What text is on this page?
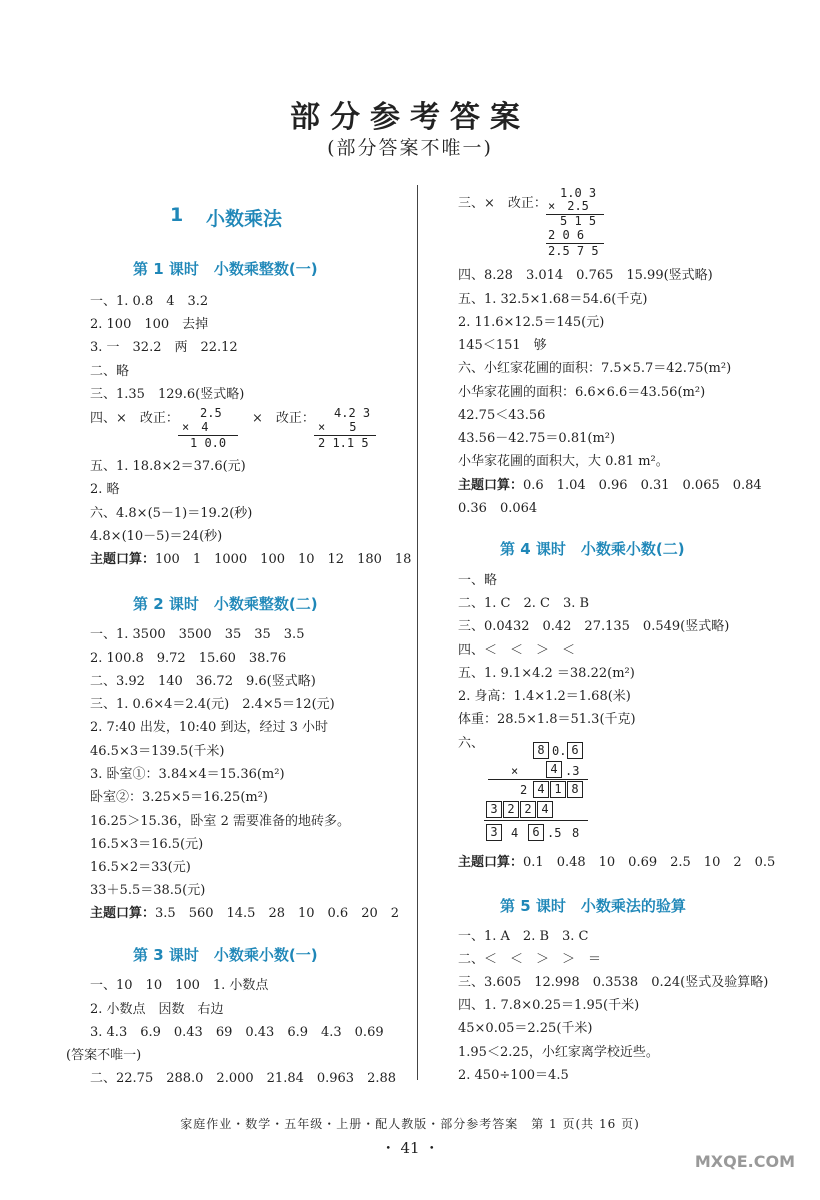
部分参考答案
(部分答案不唯一)
1 小数乘法
第 1 课时　小数乘整数(一)
一、1. 0.8　4　3.2
2. 100　100　去掉
3. 一　32.2　两　22.12
二、略
三、1.35　129.6(竖式略)
四、×　改正： 2.5
×　4
1 0.0
×　改正： 4.2 3
×　　5
2 1.1 5
五、1. 18.8×2＝37.6(元)
2. 略
六、4.8×(5－1)＝19.2(秒)
4.8×(10－5)＝24(秒)
主题口算：100　1　1000　100　10　12　180　18
第 2 课时　小数乘整数(二)
一、1. 3500　3500　35　35　3.5
2. 100.8　9.72　15.60　38.76
二、3.92　140　36.72　9.6(竖式略)
三、1. 0.6×4＝2.4(元)　2.4×5＝12(元)
2. 7:40 出发，10:40 到达，经过 3 小时
46.5×3＝139.5(千米)
3. 卧室①：3.84×4＝15.36(m²)
卧室②：3.25×5＝16.25(m²)
16.25＞15.36，卧室 2 需要准备的地砖多。
16.5×3＝16.5(元)
16.5×2＝33(元)
33＋5.5＝38.5(元)
主题口算：3.5　560　14.5　28　10　0.6　20　2
第 3 课时　小数乘小数(一)
一、10　10　100　1. 小数点
2. 小数点　因数　右边
3. 4.3　6.9　0.43　69　0.43　6.9　4.3　0.69
(答案不唯一)
二、22.75　288.0　2.000　21.84　0.963　2.88
三、×　改正：
1.0 3
×　2.5
5 1 5
2 0 6
2.5 7 5
四、8.28　3.014　0.765　15.99(竖式略)
五、1. 32.5×1.68＝54.6(千克)
2. 11.6×12.5＝145(元)
145＜151　够
六、小红家花圃的面积：7.5×5.7＝42.75(m²)
小华家花圃的面积：6.6×6.6＝43.56(m²)
42.75＜43.56
43.56－42.75＝0.81(m²)
小华家花圃的面积大，大 0.81 m²。
主题口算：0.6　1.04　0.96　0.31　0.065　0.84
0.36　0.064
第 4 课时　小数乘小数(二)
一、略
二、1. C　2. C　3. B
三、0.0432　0.42　27.135　0.549(竖式略)
四、＜　＜　＞　＜
五、1. 9.1×4.2 ＝38.22(m²)
2. 身高：1.4×1.2＝1.68(米)
体重：28.5×1.8＝51.3(千克)
六、	8 0. 6
×	4 .3
2 4 1 8
3 2 2 4
3	4	6 .5 8
主题口算：0.1　0.48　10　0.69　2.5　10　2　0.5
第 5 课时　小数乘法的验算
一、1. A　2. B　3. C
二、＜　＜　＞　＞　＝
三、3.605　12.998　0.3538　0.24(竖式及验算略)
四、1. 7.8×0.25＝1.95(千米)
45×0.05＝2.25(千米)
1.95＜2.25，小红家离学校近些。
2. 450÷100＝4.5
家庭作业・数学・五年级・上册・配人教版・部分参考答案　第 1 页(共 16 页)
・ 41 ・
MXQE.COM
